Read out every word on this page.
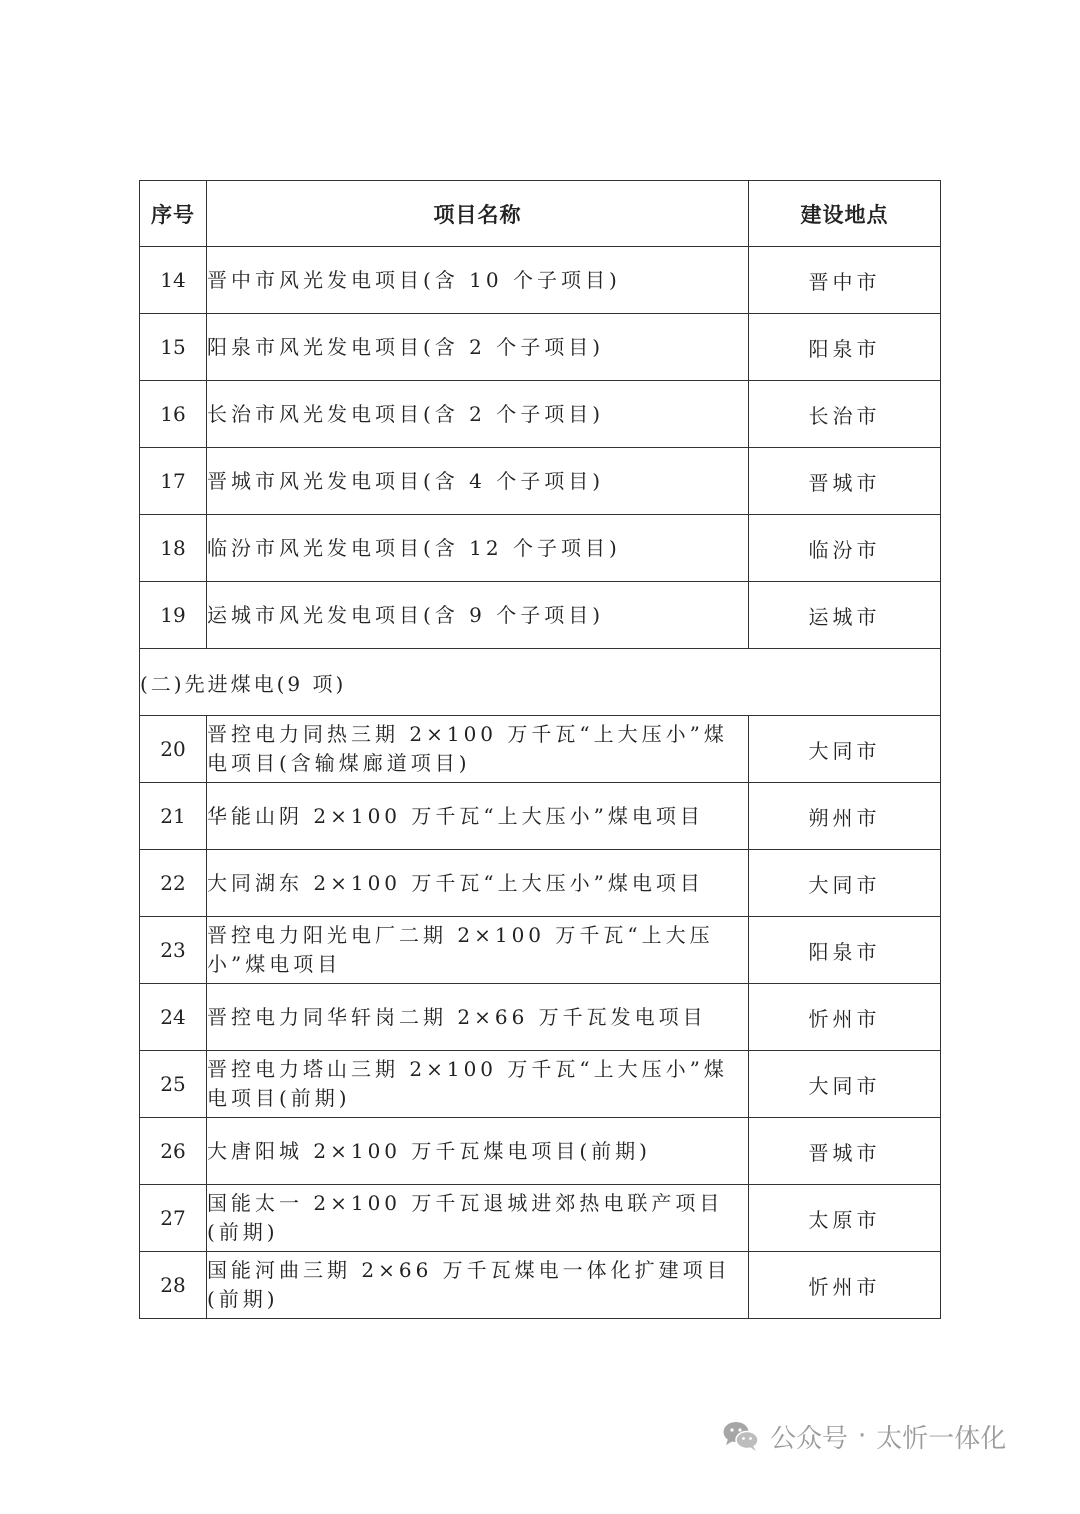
序号	项目名称	建设地点
14	晋中市风光发电项目(含 10 个子项目)	晋中市
15	阳泉市风光发电项目(含 2 个子项目)	阳泉市
16	长治市风光发电项目(含 2 个子项目)	长治市
17	晋城市风光发电项目(含 4 个子项目)	晋城市
18	临汾市风光发电项目(含 12 个子项目)	临汾市
19	运城市风光发电项目(含 9 个子项目)	运城市
(二)先进煤电(9 项)		
20	晋控电力同热三期 2×100 万千瓦“上大压小”煤电项目(含输煤廊道项目)	大同市
21	华能山阴 2×100 万千瓦“上大压小”煤电项目	朔州市
22	大同湖东 2×100 万千瓦“上大压小”煤电项目	大同市
23	晋控电力阳光电厂二期 2×100 万千瓦“上大压小”煤电项目	阳泉市
24	晋控电力同华轩岗二期 2×66 万千瓦发电项目	忻州市
25	晋控电力塔山三期 2×100 万千瓦“上大压小”煤电项目(前期)	大同市
26	大唐阳城 2×100 万千瓦煤电项目(前期)	晋城市
27	国能太一 2×100 万千瓦退城进郊热电联产项目(前期)	太原市
28	国能河曲三期 2×66 万千瓦煤电一体化扩建项目(前期)	忻州市
公众号 · 太忻一体化
